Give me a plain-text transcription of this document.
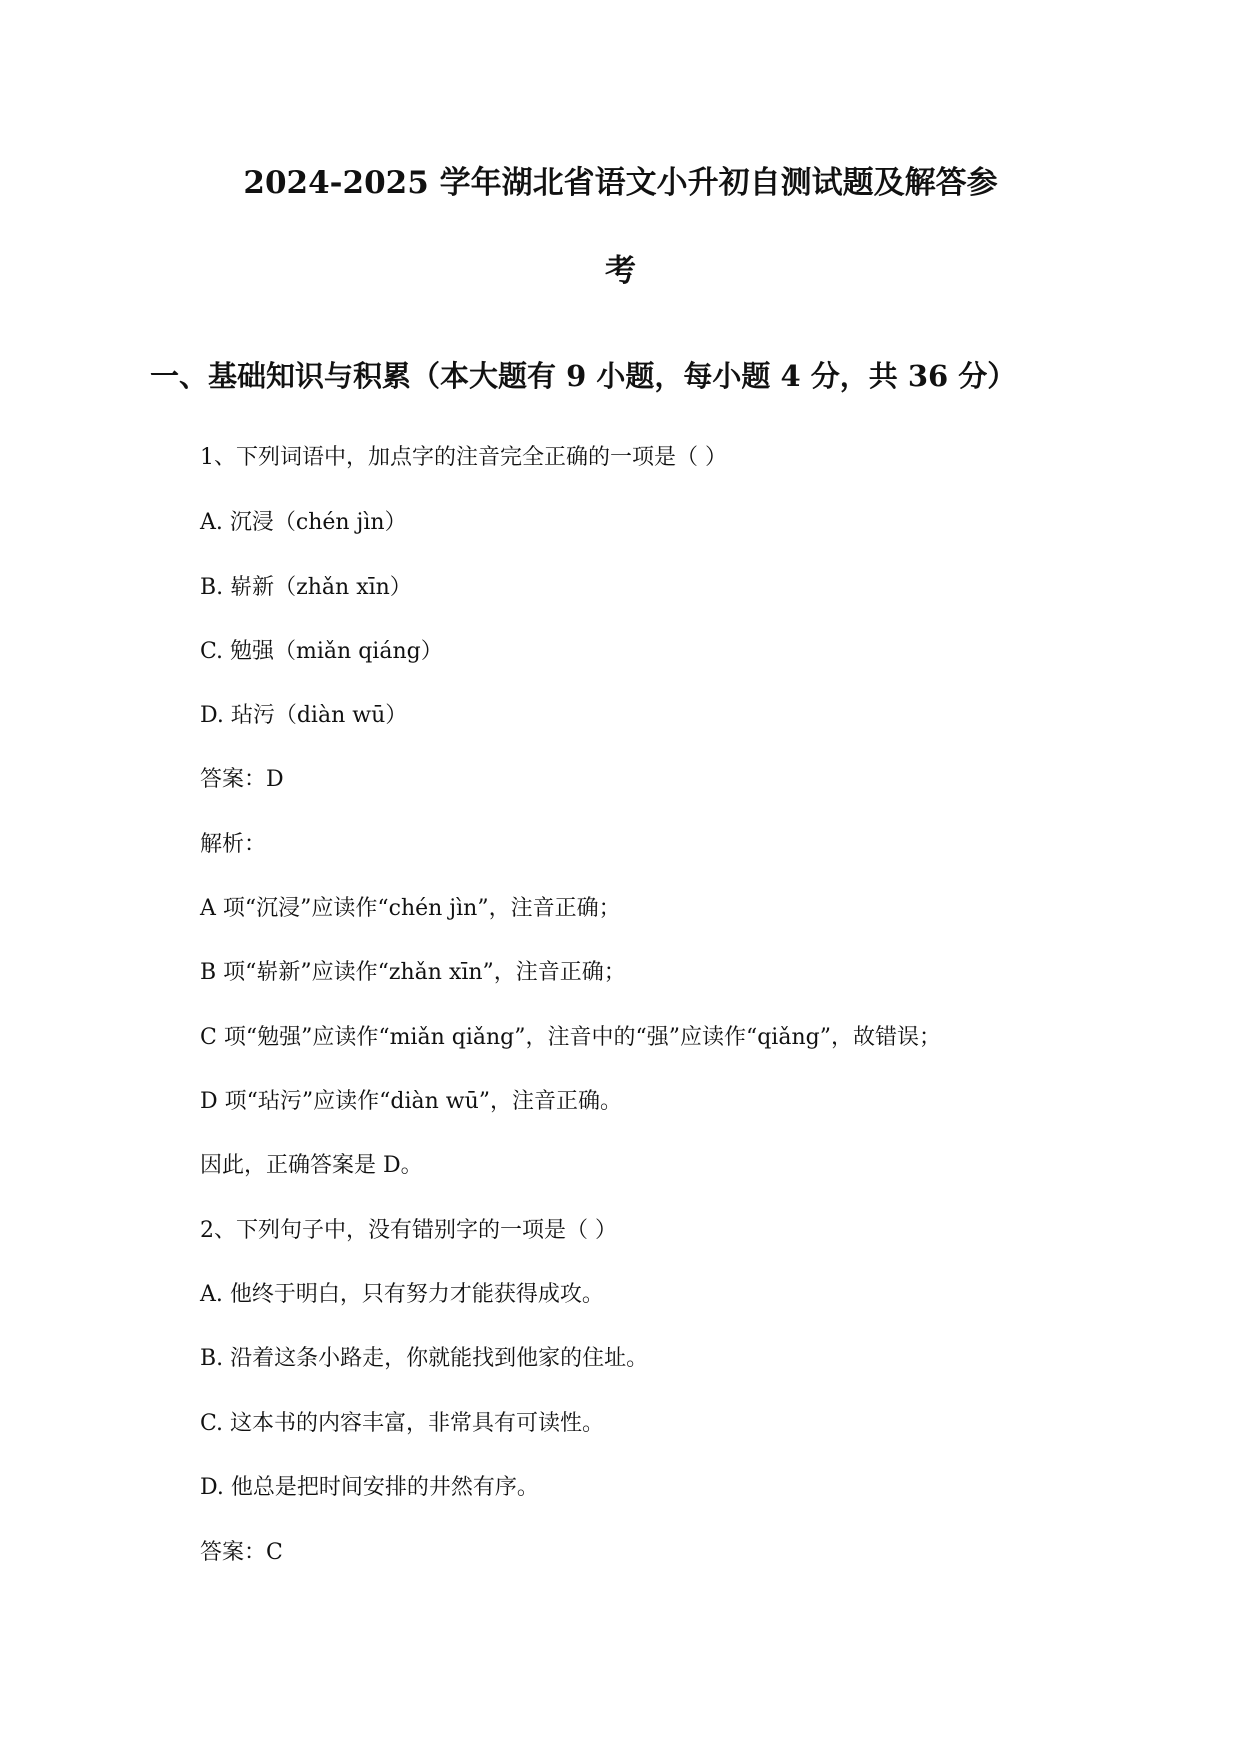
2024-2025 学年湖北省语文小升初自测试题及解答参
考
一、基础知识与积累（本大题有 9 小题，每小题 4 分，共 36 分）
1、下列词语中，加点字的注音完全正确的一项是（ ）
A. 沉浸（chén jìn）
B. 崭新（zhǎn xīn）
C. 勉强（miǎn qiáng）
D. 玷污（diàn wū）
答案：D
解析：
A 项“沉浸”应读作“chén jìn”，注音正确；
B 项“崭新”应读作“zhǎn xīn”，注音正确；
C 项“勉强”应读作“miǎn qiǎng”，注音中的“强”应读作“qiǎng”，故错误；
D 项“玷污”应读作“diàn wū”，注音正确。
因此，正确答案是 D。
2、下列句子中，没有错别字的一项是（ ）
A. 他终于明白，只有努力才能获得成攻。
B. 沿着这条小路走，你就能找到他家的住址。
C. 这本书的内容丰富，非常具有可读性。
D. 他总是把时间安排的井然有序。
答案：C
